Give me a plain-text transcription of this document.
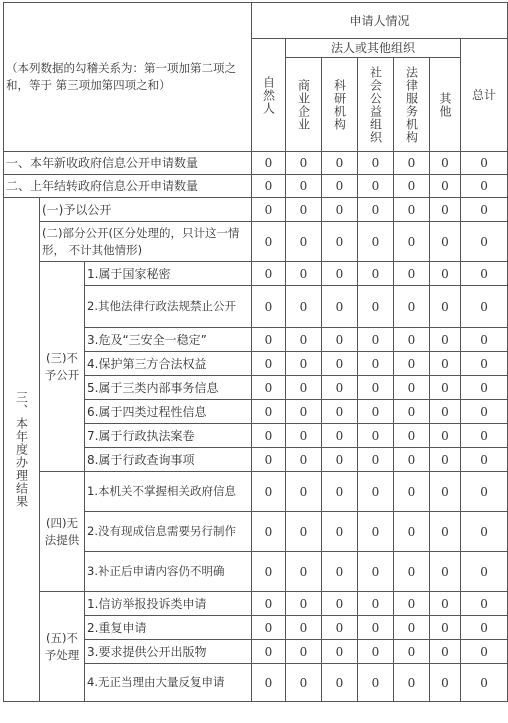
（本列数据的勾稽关系为：第一项加第二项之和，等于 第三项加第四项之和）			申请人情况						

			自然人	法人或其他组织					总计

				商业企业	科研机构	社会公益组织	法律服务机构	其他	

一、本年新收政府信息公开申请数量			0	0	0	0	0	0	0
二、上年结转政府信息公开申请数量			0	0	0	0	0	0	0

三、本年度办理结果	(一)予以公开		0	0	0	0	0	0	0
	(二)部分公开(区分处理的，只计这一情形， 不计其他情形)		0	0	0	0	0	0	0
	(三)不予公开	1.属于国家秘密	0	0	0	0	0	0	0
		2.其他法律行政法规禁止公开	0	0	0	0	0	0	0
		3.危及“三安全一稳定”	0	0	0	0	0	0	0
		4.保护第三方合法权益	0	0	0	0	0	0	0
		5.属于三类内部事务信息	0	0	0	0	0	0	0
		6.属于四类过程性信息	0	0	0	0	0	0	0
		7.属于行政执法案卷	0	0	0	0	0	0	0
		8.属于行政查询事项	0	0	0	0	0	0	0
	(四)无法提供	1.本机关不掌握相关政府信息	0	0	0	0	0	0	0
		2.没有现成信息需要另行制作	0	0	0	0	0	0	0
		3.补正后申请内容仍不明确	0	0	0	0	0	0	0
	(五)不予处理	1.信访举报投诉类申请	0	0	0	0	0	0	0
		2.重复申请	0	0	0	0	0	0	0
		3.要求提供公开出版物	0	0	0	0	0	0	0
		4.无正当理由大量反复申请	0	0	0	0	0	0	0
